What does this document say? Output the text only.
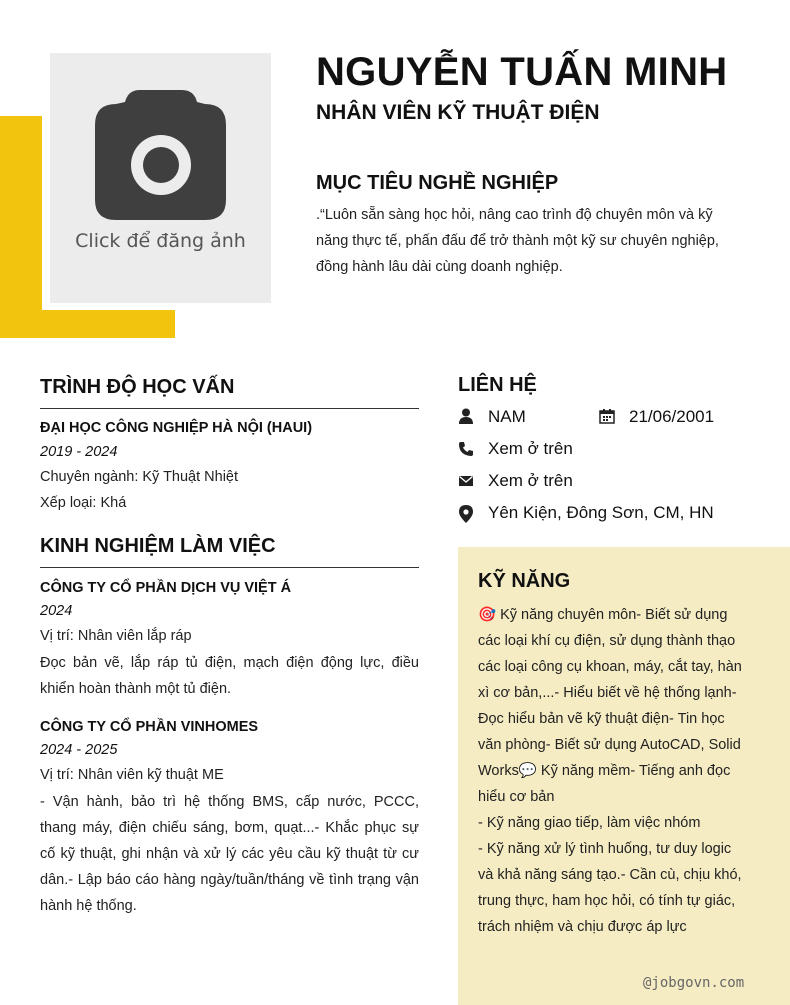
Click để đăng ảnh
NGUYỄN TUẤN MINH
NHÂN VIÊN KỸ THUẬT ĐIỆN
MỤC TIÊU NGHỀ NGHIỆP
.“Luôn sẵn sàng học hỏi, nâng cao trình độ chuyên môn và kỹ năng thực tế, phấn đấu để trở thành một kỹ sư chuyên nghiệp, đồng hành lâu dài cùng doanh nghiệp.
TRÌNH ĐỘ HỌC VẤN
ĐẠI HỌC CÔNG NGHIỆP HÀ NỘI (HAUI)
2019 - 2024
Chuyên ngành: Kỹ Thuật Nhiệt
Xếp loại: Khá
KINH NGHIỆM LÀM VIỆC
CÔNG TY CỔ PHẦN DỊCH VỤ VIỆT Á
2024
Vị trí: Nhân viên lắp ráp
Đọc bản vẽ, lắp ráp tủ điện, mạch điện động lực, điều khiển hoàn thành một tủ điện.
CÔNG TY CỔ PHẦN VINHOMES
2024 - 2025
Vị trí: Nhân viên kỹ thuật ME
- Vận hành, bảo trì hệ thống BMS, cấp nước, PCCC, thang máy, điện chiếu sáng, bơm, quạt...- Khắc phục sự cố kỹ thuật, ghi nhận và xử lý các yêu cầu kỹ thuật từ cư dân.- Lập báo cáo hàng ngày/tuần/tháng về tình trạng vận hành hệ thống.
LIÊN HỆ
NAM	21/06/2001
Xem ở trên
Xem ở trên
Yên Kiện, Đông Sơn, CM, HN
KỸ NĂNG
🎯 Kỹ năng chuyên môn- Biết sử dụng các loại khí cụ điện, sử dụng thành thạo các loại công cụ khoan, máy, cắt tay, hàn xì cơ bản,...- Hiểu biết về hệ thống lạnh- Đọc hiểu bản vẽ kỹ thuật điện- Tin học văn phòng- Biết sử dụng AutoCAD, Solid Works💬 Kỹ năng mềm- Tiếng anh đọc hiểu cơ bản
- Kỹ năng giao tiếp, làm việc nhóm
- Kỹ năng xử lý tình huống, tư duy logic và khả năng sáng tạo.- Cần cù, chịu khó, trung thực, ham học hỏi, có tính tự giác, trách nhiệm và chịu được áp lực
@jobgovn.com
